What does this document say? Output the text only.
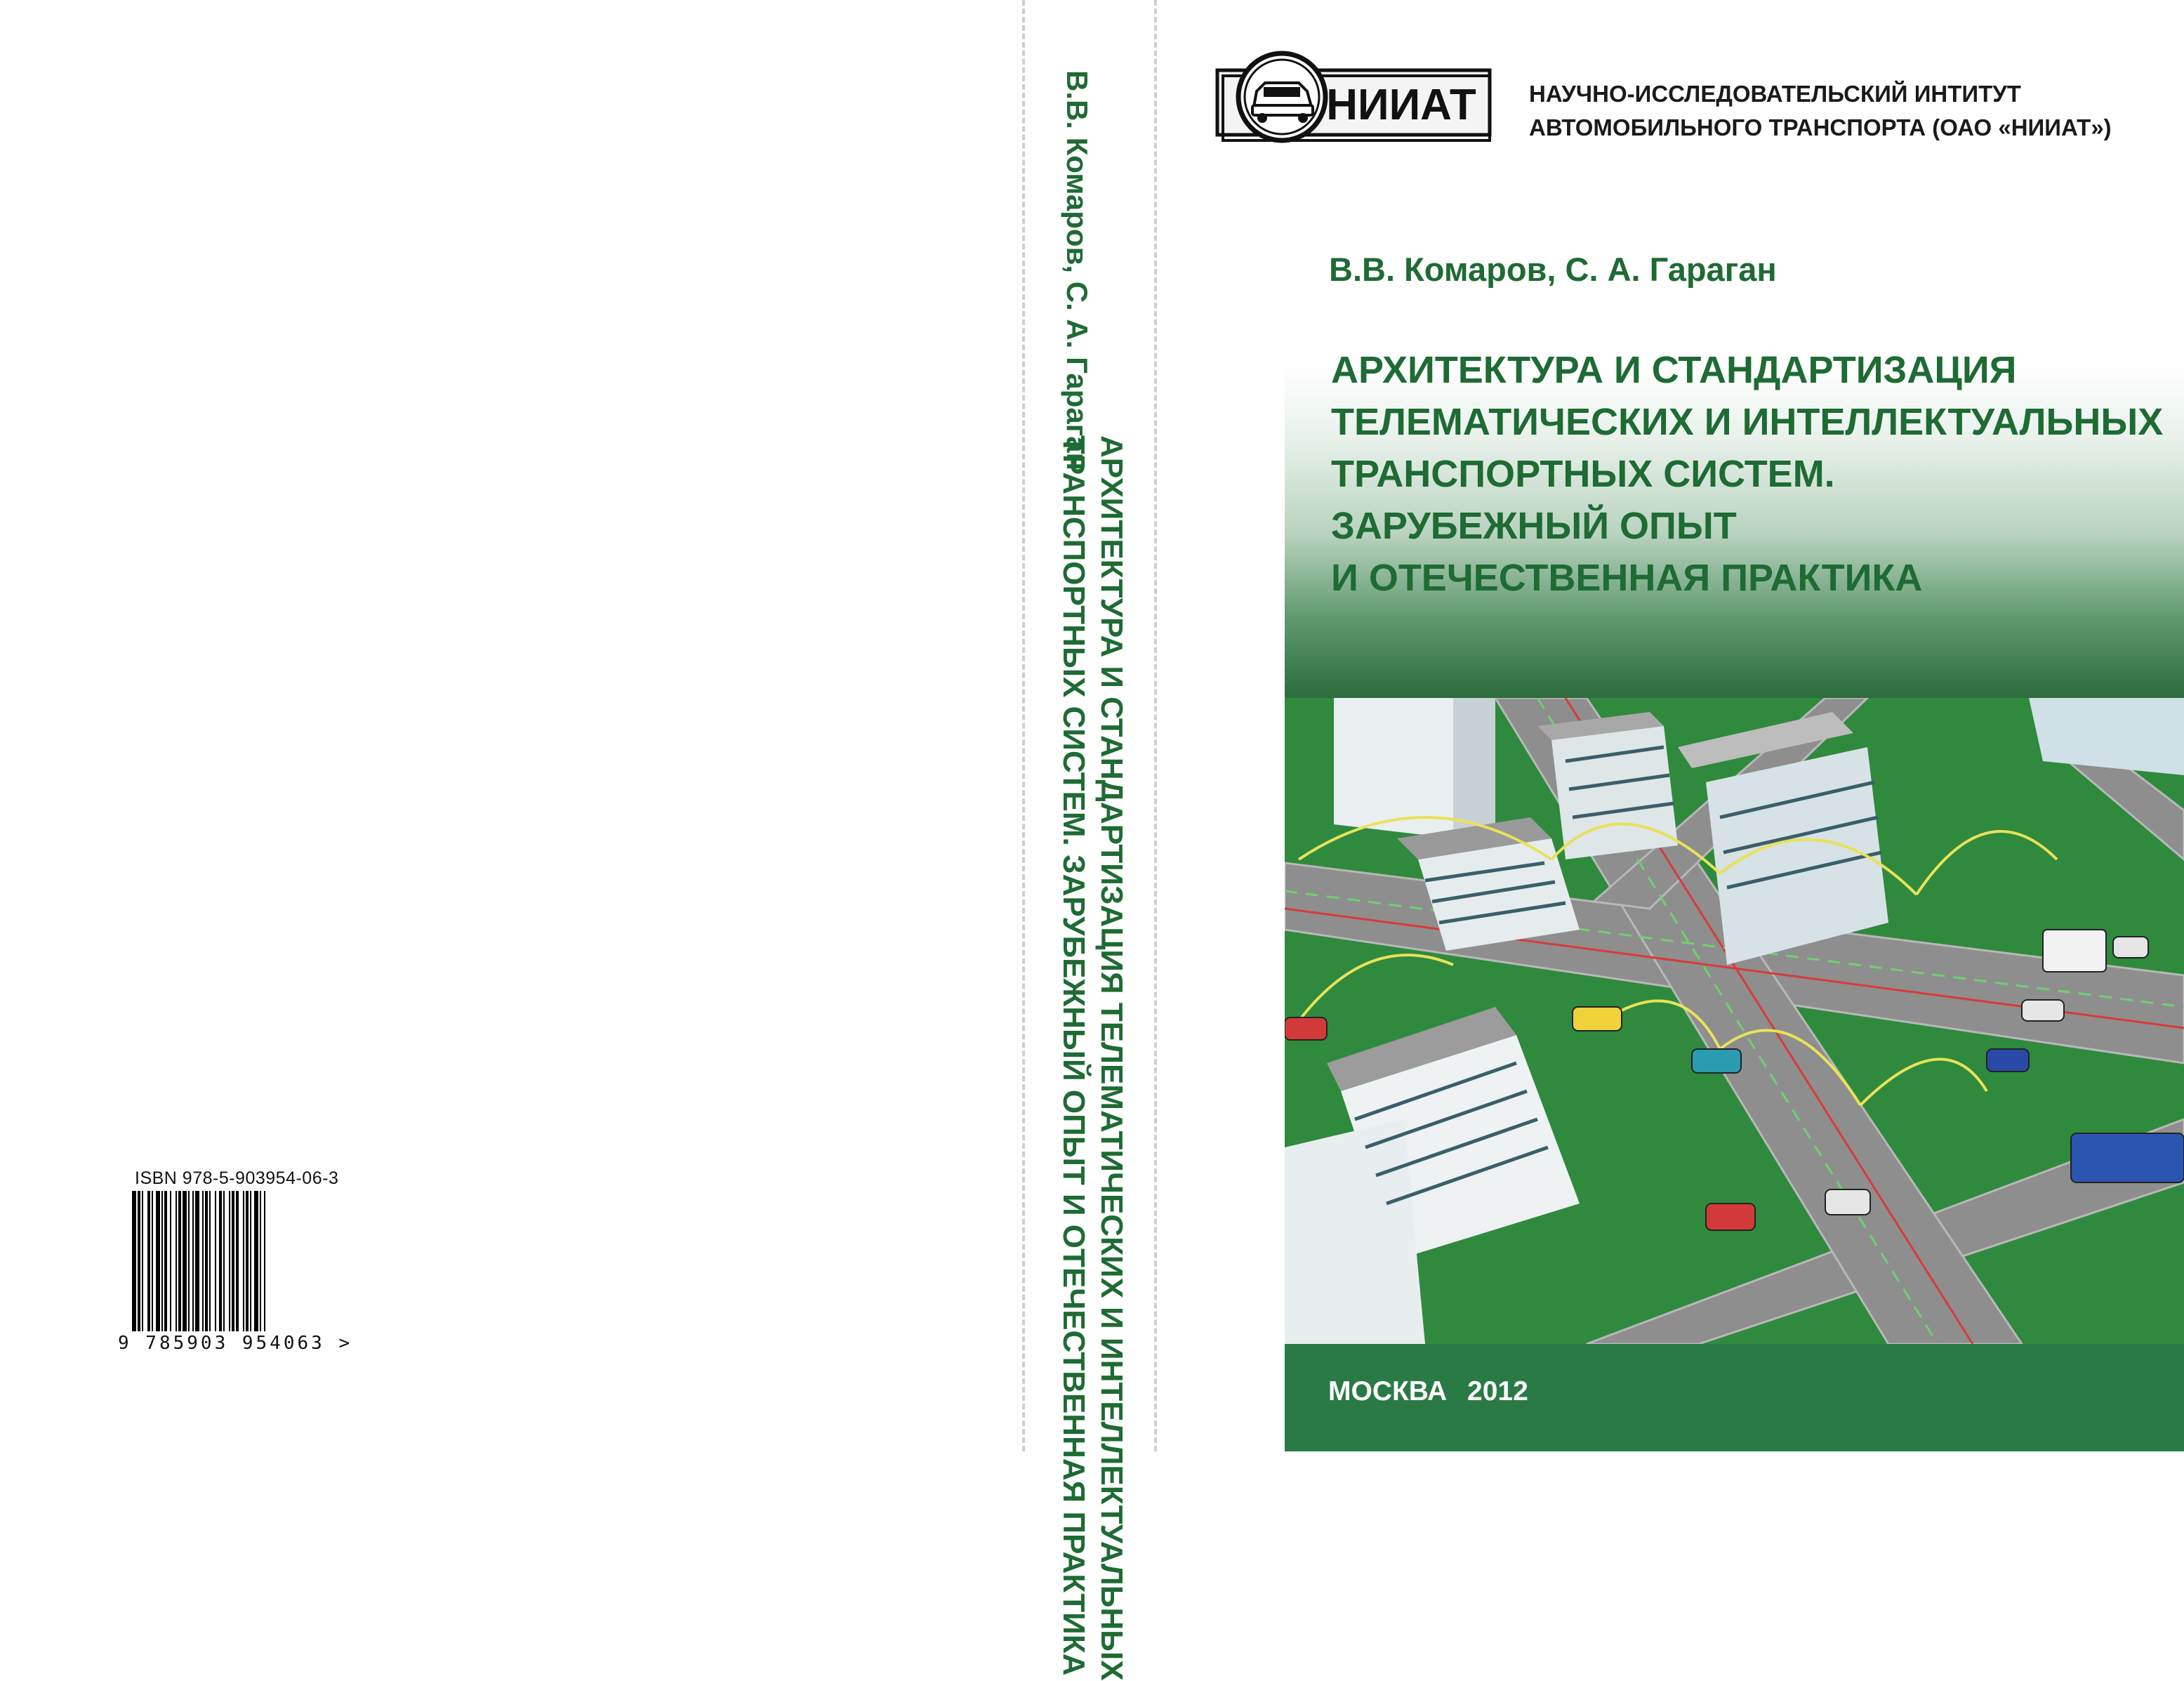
ISBN 978-5-903954-06-3
9 785903 954063 >
В.В. Комаров, С. А. Гараган
АРХИТЕКТУРА И СТАНДАРТИЗАЦИЯ ТЕЛЕМАТИЧЕСКИХ И ИНТЕЛЛЕКТУАЛЬНЫХ
ТРАНСПОРТНЫХ СИСТЕМ. ЗАРУБЕЖНЫЙ ОПЫТ И ОТЕЧЕСТВЕННАЯ ПРАКТИКА
НИИАТ НАУЧНО-ИССЛЕДОВАТЕЛЬСКИЙ ИНТИТУТ
АВТОМОБИЛЬНОГО ТРАНСПОРТА (ОАО «НИИАТ»)
В.В. Комаров, С. А. Гараган
АРХИТЕКТУРА И СТАНДАРТИЗАЦИЯ
ТЕЛЕМАТИЧЕСКИХ И ИНТЕЛЛЕКТУАЛЬНЫХ
ТРАНСПОРТНЫХ СИСТЕМ.
ЗАРУБЕЖНЫЙ ОПЫТ
И ОТЕЧЕСТВЕННАЯ ПРАКТИКА
МОСКВА 2012
